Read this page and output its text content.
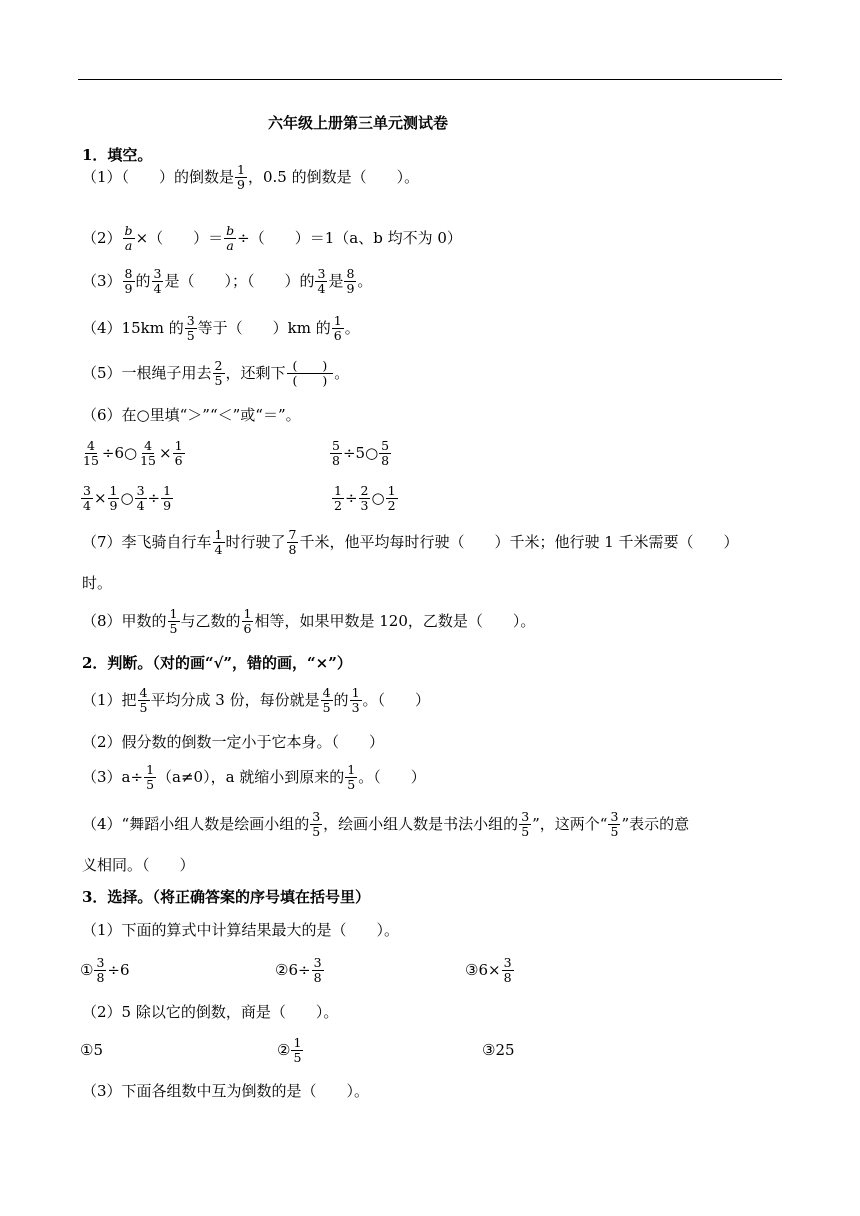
六年级上册第三单元测试卷
1．填空。
（1）（　　）的倒数是 $\frac{1}{9}$ ，0.5 的倒数是（　　）。
$(2) \frac{b}{a}$ ×（　　）＝ $\frac{b}{a}$ ÷（　　）＝1（a、b 均不为 0）
$(3) \frac{8}{9}$ 的 $\frac{3}{4}$ 是（　　）；（　　）的 $\frac{3}{4}$ 是 $\frac{8}{9}$ 。
（4）15km 的 $\frac{3}{5}$ 等于（　　）km 的 $\frac{1}{6}$ 。
（5）一根绳子用去 $\frac{2}{5}$ ，还剩下 $\frac{( )}{( )}$ 。
（6）在○里填“＞”“＜”或“＝”。
$\frac{4}{15}$ ÷6○ $\frac{4}{15} \times \frac{1}{6}$	$\frac{5}{8}$ ÷5○ $\frac{5}{8}$
$\frac{3}{4} \times \frac{1}{9}$ ○ $\frac{3}{4} \div \frac{1}{9}$	$\frac{1}{2} \div \frac{2}{3}$ ○ $\frac{1}{2}$
（7）李飞骑自行车 $\frac{1}{4}$ 时行驶了 $\frac{7}{8}$ 千米，他平均每时行驶（　　）千米；他行驶 1 千米需要（　　）
时。
（8）甲数的 $\frac{1}{5}$ 与乙数的 $\frac{1}{6}$ 相等，如果甲数是 120，乙数是（　　）。
2．判断。（对的画“√”，错的画，“×”）
（1）把 $\frac{4}{5}$ 平均分成 3 份，每份就是 $\frac{4}{5}$ 的 $\frac{1}{3}$ 。（　　）
（2）假分数的倒数一定小于它本身。（　　）
$(3)a\div \frac{1}{5} (a\ne 0)$，a 就缩小到原来的 $\frac{1}{5}$ 。（　　）
（4）“舞蹈小组人数是绘画小组的 $\frac{3}{5}$ ，绘画小组人数是书法小组的 $\frac{3}{5}$ ”，这两个“ $\frac{3}{5}$ ”表示的意
义相同。（　　）
3．选择。（将正确答案的序号填在括号里）
（1）下面的算式中计算结果最大的是（　　）。
① $\frac{3}{8} \div 6$	②6÷ $\frac{3}{8}$	③6× $\frac{3}{8}$
（2）5 除以它的倒数，商是（　　）。
①5	② $\frac{1}{5}$	③25
（3）下面各组数中互为倒数的是（　　）。
